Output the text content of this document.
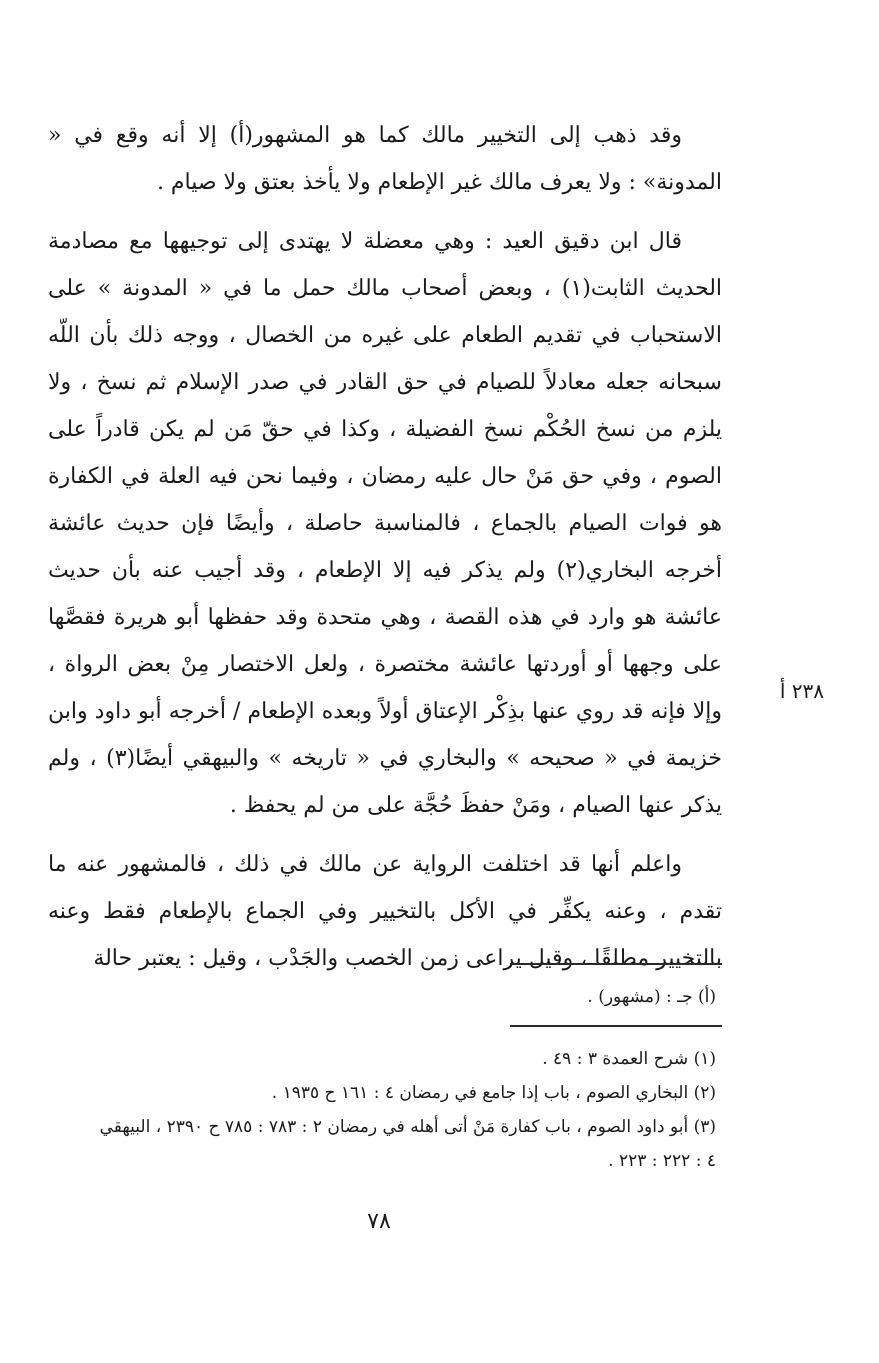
وقد ذهب إلى التخيير مالك كما هو المشهور(أ) إلا أنه وقع في « المدونة» : ولا يعرف مالك غير الإطعام ولا يأخذ بعتق ولا صيام .

قال ابن دقيق العيد : وهي معضلة لا يهتدى إلى توجيهها مع مصادمة الحديث الثابت(١) ، وبعض أصحاب مالك حمل ما في « المدونة » على الاستحباب في تقديم الطعام على غيره من الخصال ، ووجه ذلك بأن اللّه سبحانه جعله معادلاً للصيام في حق القادر في صدر الإسلام ثم نسخ ، ولا يلزم من نسخ الحُكْم نسخ الفضيلة ، وكذا في حقّ مَن لم يكن قادراً على الصوم ، وفي حق مَنْ حال عليه رمضان ، وفيما نحن فيه العلة في الكفارة هو فوات الصيام بالجماع ، فالمناسبة حاصلة ، وأيضًا فإن حديث عائشة أخرجه البخاري(٢) ولم يذكر فيه إلا الإطعام ، وقد أجيب عنه بأن حديث عائشة هو وارد في هذه القصة ، وهي متحدة وقد حفظها أبو هريرة فقصَّها على وجهها أو أوردتها عائشة مختصرة ، ولعل الاختصار مِنْ بعض الرواة ، وإلا فإنه قد روي عنها بذِكْر الإعتاق أولاً وبعده الإطعام / أخرجه أبو داود وابن خزيمة في « صحيحه » والبخاري في « تاريخه » والبيهقي أيضًا(٣) ، ولم يذكر عنها الصيام ، ومَنْ حفظَ حُجَّة على من لم يحفظ .

واعلم أنها قد اختلفت الرواية عن مالك في ذلك ، فالمشهور عنه ما تقدم ، وعنه يكفِّر في الأكل بالتخيير وفي الجماع بالإطعام فقط وعنه بالتخيير مطلقًا ، وقيل يراعى زمن الخصب والجَدْب ، وقيل : يعتبر حالة

٢٣٨ أ
(أ) جـ : (مشهور) .

(١) شرح العمدة ٣ : ٤٩ .

(٢) البخاري الصوم ، باب إذا جامع في رمضان ٤ : ١٦١ ح ١٩٣٥ .

(٣) أبو داود الصوم ، باب كفارة مَنْ أتى أهله في رمضان ٢ : ٧٨٣ : ٧٨٥ ح ٢٣٩٠ ، البيهقي
٤ : ٢٢٢ : ٢٢٣ .

٧٨
